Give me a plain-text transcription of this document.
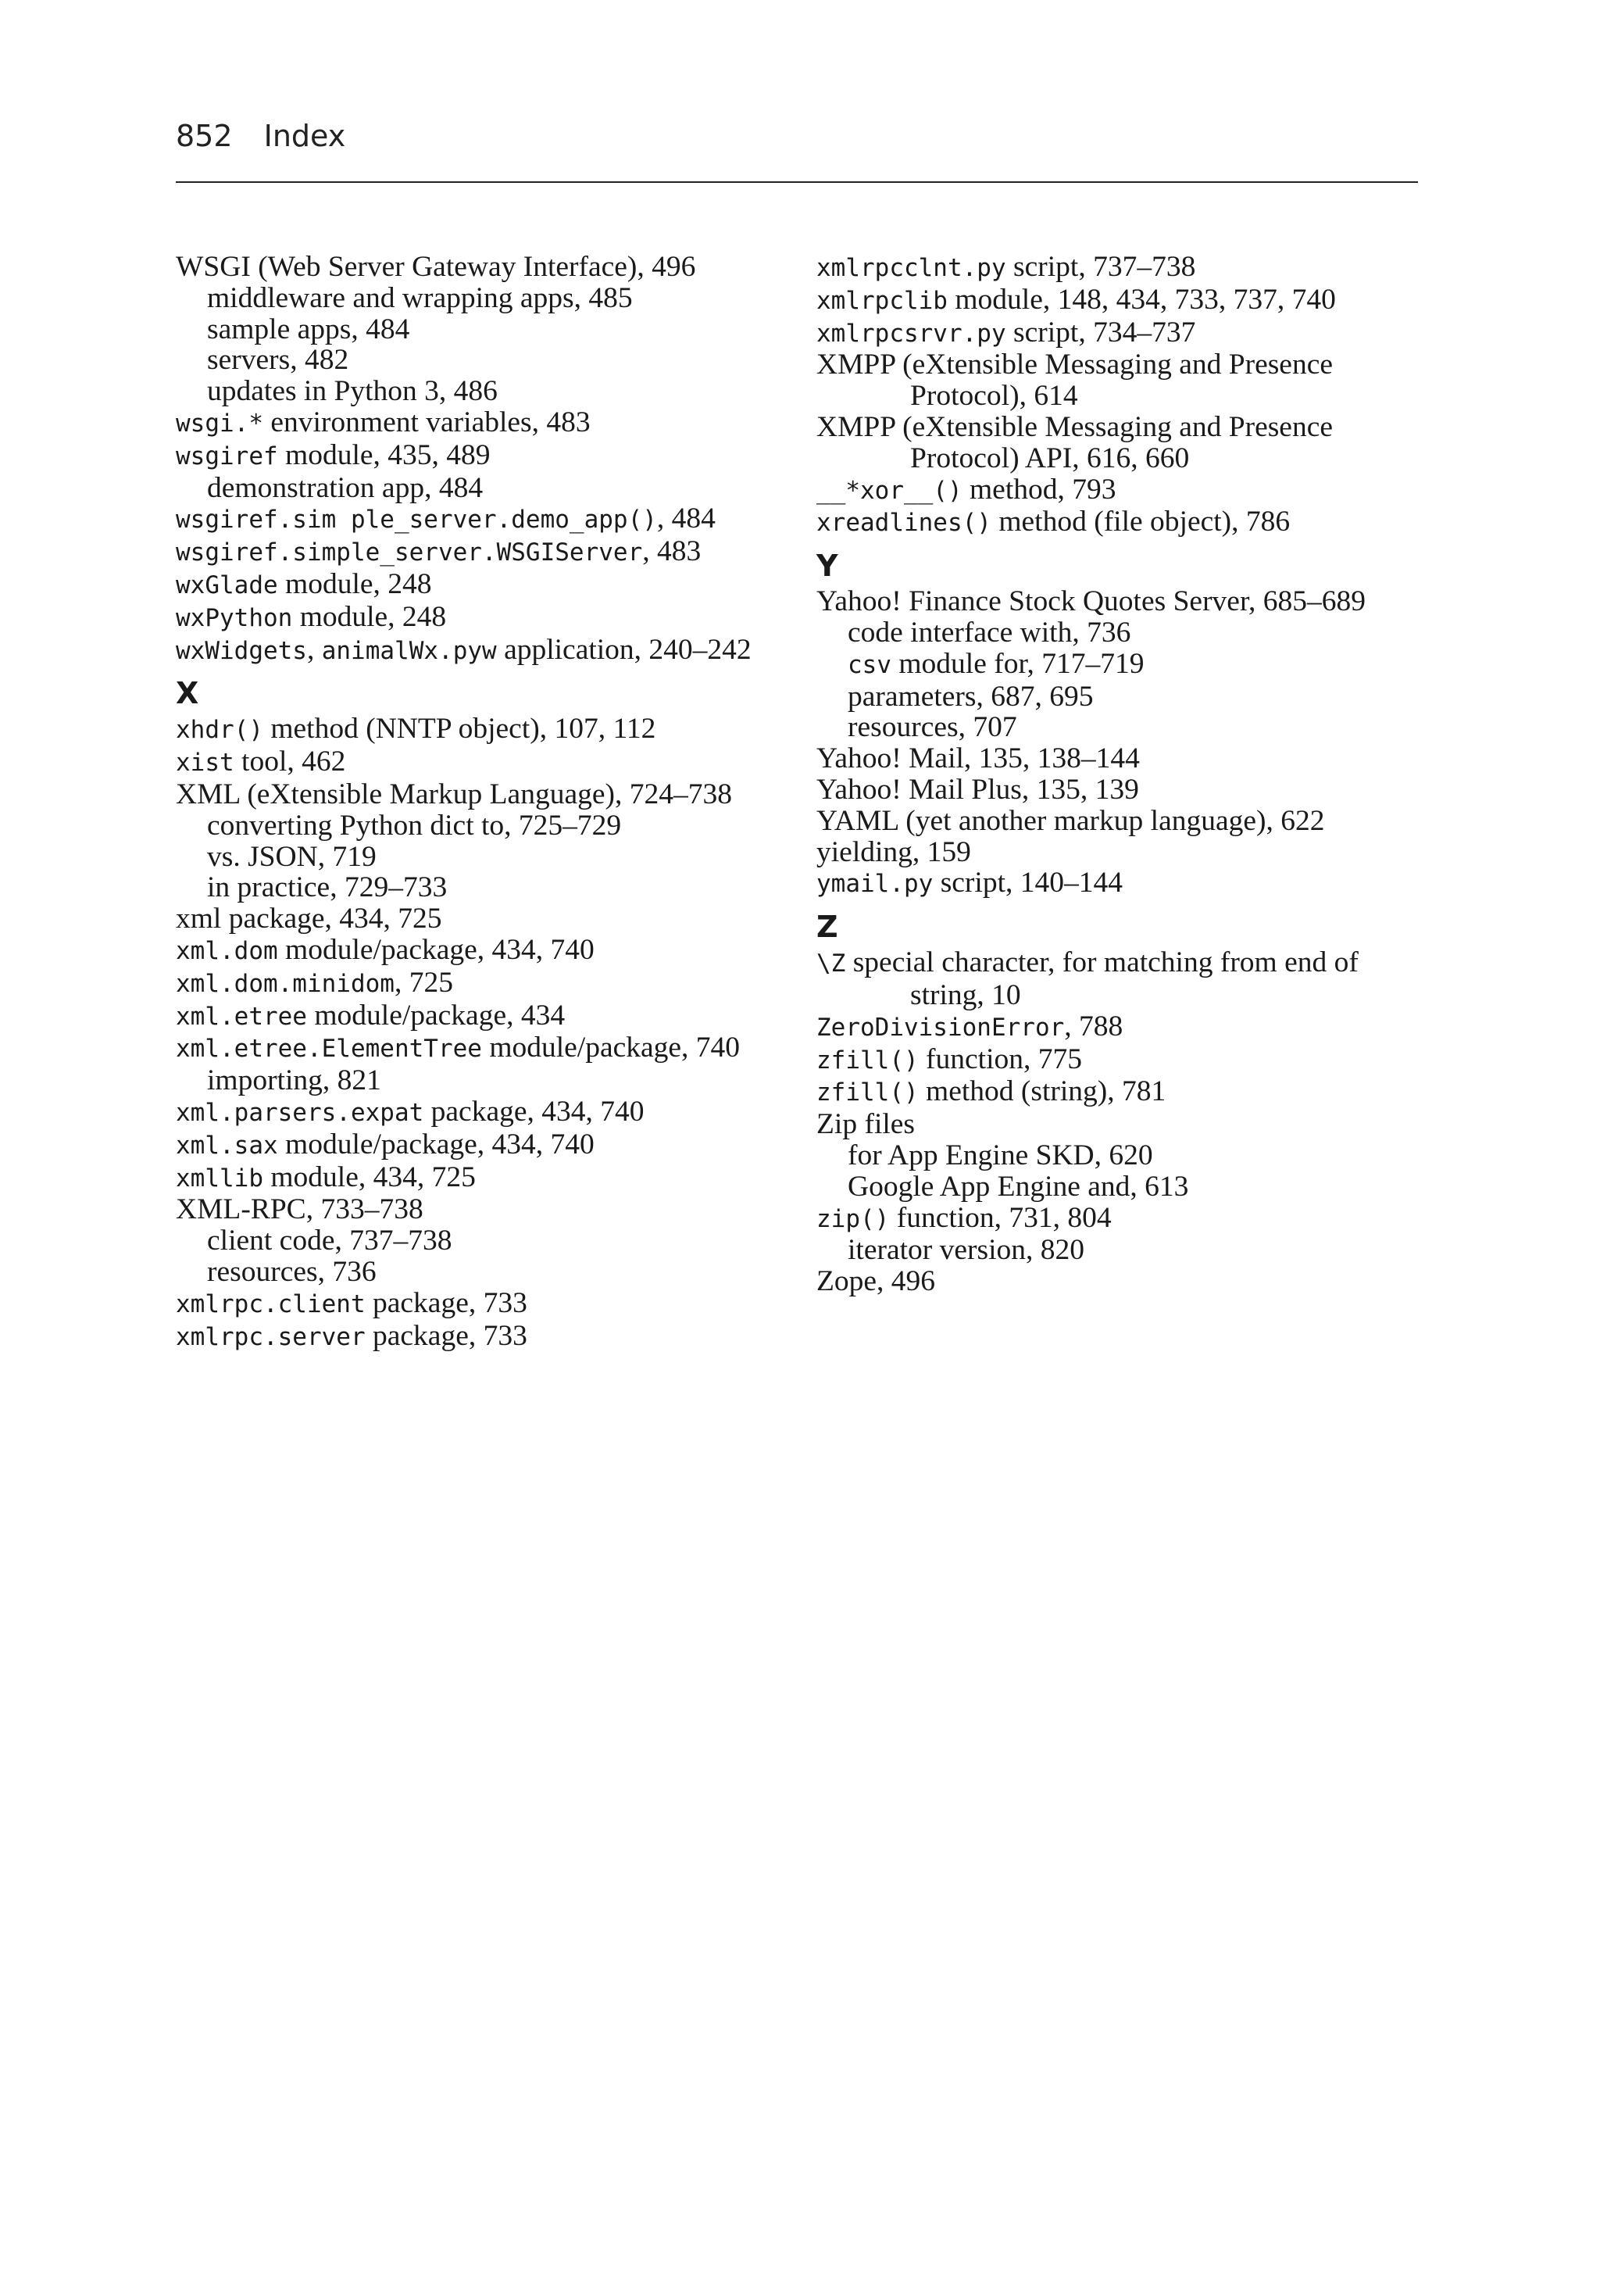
852 Index
WSGI (Web Server Gateway Interface), 496
middleware and wrapping apps, 485
sample apps, 484
servers, 482
updates in Python 3, 486
wsgi.* environment variables, 483
wsgiref module, 435, 489
demonstration app, 484
wsgiref.sim ple_server.demo_app(), 484
wsgiref.simple_server.WSGIServer, 483
wxGlade module, 248
wxPython module, 248
wxWidgets, animalWx.pyw application, 240–242
X
xhdr() method (NNTP object), 107, 112
xist tool, 462
XML (eXtensible Markup Language), 724–738
converting Python dict to, 725–729
vs. JSON, 719
in practice, 729–733
xml package, 434, 725
xml.dom module/package, 434, 740
xml.dom.minidom, 725
xml.etree module/package, 434
xml.etree.ElementTree module/package, 740
importing, 821
xml.parsers.expat package, 434, 740
xml.sax module/package, 434, 740
xmllib module, 434, 725
XML-RPC, 733–738
client code, 737–738
resources, 736
xmlrpc.client package, 733
xmlrpc.server package, 733
xmlrpcclnt.py script, 737–738
xmlrpclib module, 148, 434, 733, 737, 740
xmlrpcsrvr.py script, 734–737
XMPP (eXtensible Messaging and Presence Protocol), 614
XMPP (eXtensible Messaging and Presence Protocol) API, 616, 660
__*xor__() method, 793
xreadlines() method (file object), 786
Y
Yahoo! Finance Stock Quotes Server, 685–689
code interface with, 736
csv module for, 717–719
parameters, 687, 695
resources, 707
Yahoo! Mail, 135, 138–144
Yahoo! Mail Plus, 135, 139
YAML (yet another markup language), 622
yielding, 159
ymail.py script, 140–144
Z
\Z special character, for matching from end of string, 10
ZeroDivisionError, 788
zfill() function, 775
zfill() method (string), 781
Zip files
for App Engine SKD, 620
Google App Engine and, 613
zip() function, 731, 804
iterator version, 820
Zope, 496
